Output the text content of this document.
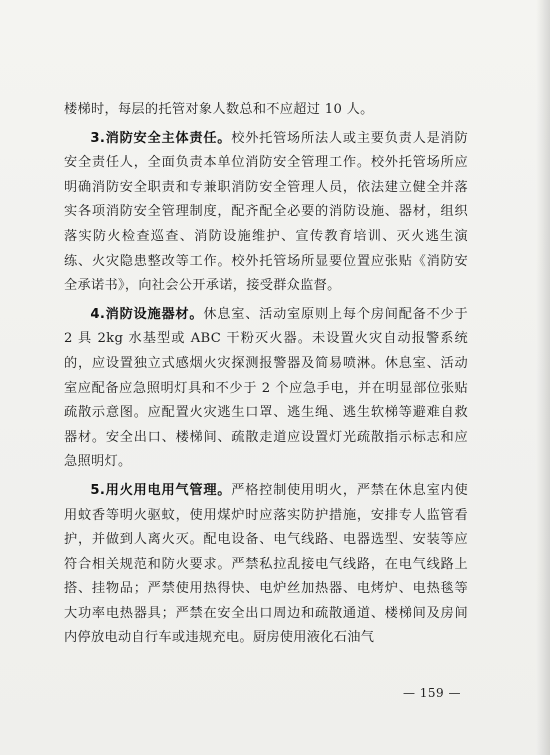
楼梯时，每层的托管对象人数总和不应超过 10 人。

3.消防安全主体责任。校外托管场所法人或主要负责人是消防安全责任人，全面负责本单位消防安全管理工作。校外托管场所应明确消防安全职责和专兼职消防安全管理人员，依法建立健全并落实各项消防安全管理制度，配齐配全必要的消防设施、器材，组织落实防火检查巡查、消防设施维护、宣传教育培训、灭火逃生演练、火灾隐患整改等工作。校外托管场所显要位置应张贴《消防安全承诺书》，向社会公开承诺，接受群众监督。

4.消防设施器材。休息室、活动室原则上每个房间配备不少于 2 具 2kg 水基型或 ABC 干粉灭火器。未设置火灾自动报警系统的，应设置独立式感烟火灾探测报警器及简易喷淋。休息室、活动室应配备应急照明灯具和不少于 2 个应急手电，并在明显部位张贴疏散示意图。应配置火灾逃生口罩、逃生绳、逃生软梯等避难自救器材。安全出口、楼梯间、疏散走道应设置灯光疏散指示标志和应急照明灯。

5.用火用电用气管理。严格控制使用明火，严禁在休息室内使用蚊香等明火驱蚊，使用煤炉时应落实防护措施，安排专人监管看护，并做到人离火灭。配电设备、电气线路、电器选型、安装等应符合相关规范和防火要求。严禁私拉乱接电气线路，在电气线路上搭、挂物品；严禁使用热得快、电炉丝加热器、电烤炉、电热毯等大功率电热器具；严禁在安全出口周边和疏散通道、楼梯间及房间内停放电动自行车或违规充电。厨房使用液化石油气

— 159 —
